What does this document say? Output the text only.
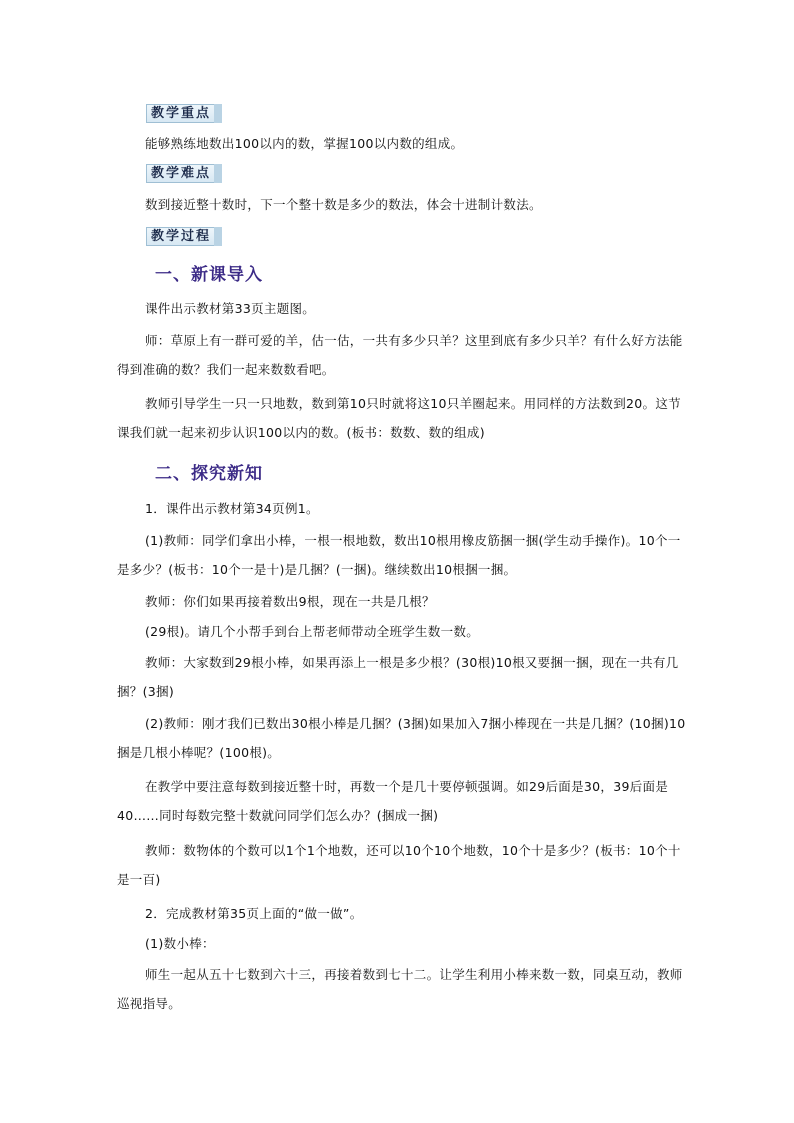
教学重点

能够熟练地数出100以内的数，掌握100以内数的组成。

教学难点

数到接近整十数时，下一个整十数是多少的数法，体会十进制计数法。

教学过程
一、新课导入

课件出示教材第33页主题图。

师：草原上有一群可爱的羊，估一估，一共有多少只羊？这里到底有多少只羊？有什么好方法能得到准确的数？我们一起来数数看吧。

教师引导学生一只一只地数，数到第10只时就将这10只羊圈起来。用同样的方法数到20。这节课我们就一起来初步认识100以内的数。(板书：数数、数的组成)

二、探究新知

1．课件出示教材第34页例1。

(1)教师：同学们拿出小棒，一根一根地数，数出10根用橡皮筋捆一捆(学生动手操作)。10个一是多少？(板书：10个一是十)是几捆？(一捆)。继续数出10根捆一捆。

教师：你们如果再接着数出9根，现在一共是几根？

(29根)。请几个小帮手到台上帮老师带动全班学生数一数。

教师：大家数到29根小棒，如果再添上一根是多少根？(30根)10根又要捆一捆，现在一共有几捆？(3捆)

(2)教师：刚才我们已数出30根小棒是几捆？(3捆)如果加入7捆小棒现在一共是几捆？(10捆)10捆是几根小棒呢？(100根)。

在教学中要注意每数到接近整十时，再数一个是几十要停顿强调。如29后面是30，39后面是40……同时每数完整十数就问同学们怎么办？(捆成一捆)

教师：数物体的个数可以1个1个地数，还可以10个10个地数，10个十是多少？(板书：10个十是一百)

2．完成教材第35页上面的“做一做”。

(1)数小棒：

师生一起从五十七数到六十三，再接着数到七十二。让学生利用小棒来数一数，同桌互动，教师巡视指导。
